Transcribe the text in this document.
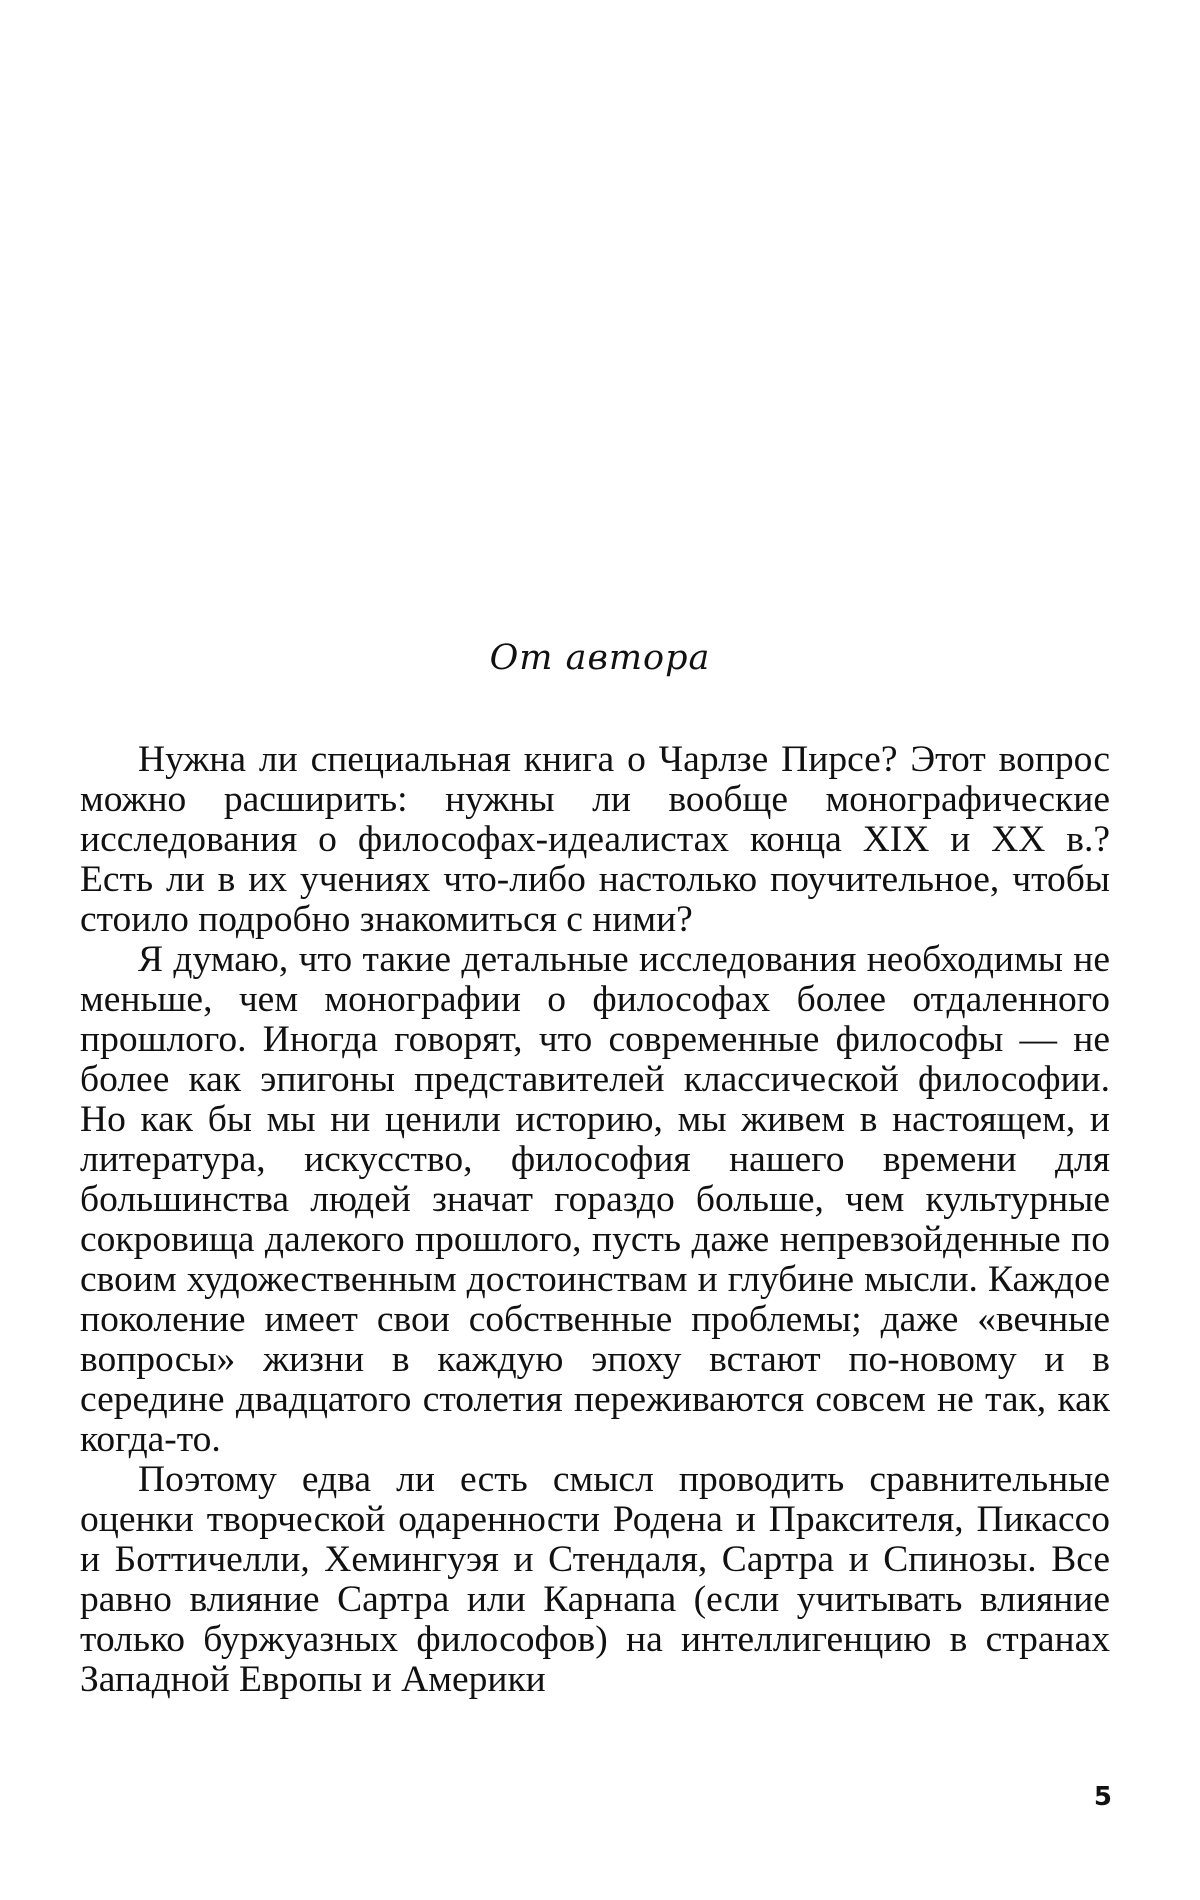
От автора

Нужна ли специальная книга о Чарлзе Пирсе? Этот вопрос можно расширить: нужны ли вообще монографические исследования о философах-идеалистах конца XIX и XX в.? Есть ли в их учениях что-либо настолько поучительное, чтобы стоило подробно знакомиться с ними?

Я думаю, что такие детальные исследования необходимы не меньше, чем монографии о философах более отдаленного прошлого. Иногда говорят, что современные философы — не более как эпигоны представителей классической философии. Но как бы мы ни ценили историю, мы живем в настоящем, и литература, искусство, философия нашего времени для большинства людей значат гораздо больше, чем культурные сокровища далекого прошлого, пусть даже непревзойденные по своим художественным достоинствам и глубине мысли. Каждое поколение имеет свои собственные проблемы; даже «вечные вопросы» жизни в каждую эпоху встают по-новому и в середине двадцатого столетия переживаются совсем не так, как когда-то.

Поэтому едва ли есть смысл проводить сравнительные оценки творческой одаренности Родена и Праксителя, Пикассо и Боттичелли, Хемингуэя и Стендаля, Сартра и Спинозы. Все равно влияние Сартра или Карнапа (если учитывать влияние только буржуазных философов) на интеллигенцию в странах Западной Европы и Америки

5
